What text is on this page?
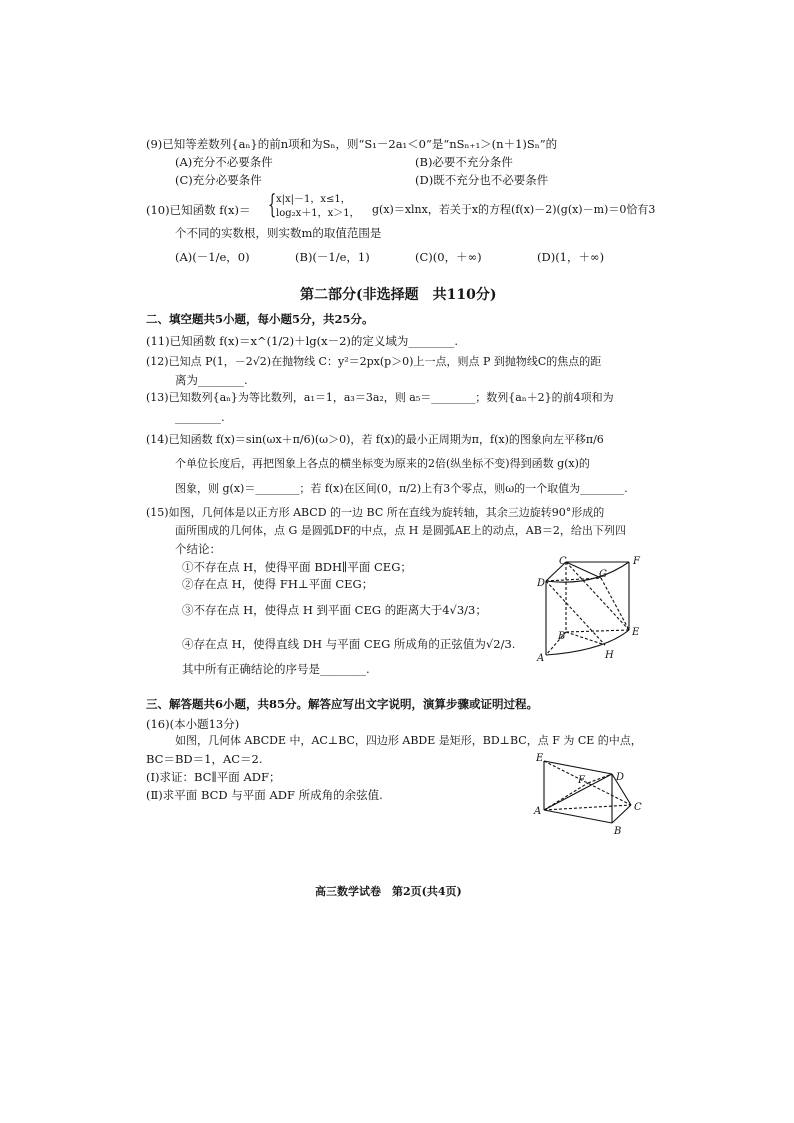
(9)已知等差数列{aₙ}的前n项和为Sₙ，则“S₁－2a₁＜0”是“nSₙ₊₁＞(n＋1)Sₙ”的
(A)充分不必要条件	(B)必要不充分条件
(C)充分必要条件	(D)既不充分也不必要条件
(10)已知函数 f(x)＝ { x|x|－1，x≤1，
log₂x＋1，x＞1， g(x)＝xlnx，若关于x的方程(f(x)－2)(g(x)－m)＝0恰有3
个不同的实数根，则实数m的取值范围是
(A)(－1/e，0)	(B)(－1/e，1)	(C)(0，＋∞)	(D)(1，＋∞)
第二部分(非选择题　共110分)
二、填空题共5小题，每小题5分，共25分。
(11)已知函数 f(x)＝x^(1/2)＋lg(x－2)的定义域为________.
(12)已知点 P(1，－2√2)在抛物线 C：y²＝2px(p＞0)上一点，则点 P 到抛物线C的焦点的距
离为________.
(13)已知数列{aₙ}为等比数列，a₁＝1，a₃＝3a₂，则 a₅＝________；数列{aₙ＋2}的前4项和为
________.
(14)已知函数 f(x)＝sin(ωx＋π/6)(ω＞0)，若 f(x)的最小正周期为π，f(x)的图象向左平移π/6
个单位长度后，再把图象上各点的横坐标变为原来的2倍(纵坐标不变)得到函数 g(x)的
图象，则 g(x)＝________；若 f(x)在区间(0，π/2)上有3个零点，则ω的一个取值为________.
(15)如图，几何体是以正方形 ABCD 的一边 BC 所在直线为旋转轴，其余三边旋转90°形成的
面所围成的几何体，点 G 是圆弧DF的中点，点 H 是圆弧AE上的动点，AB＝2，给出下列四
个结论：
①不存在点 H，使得平面 BDH∥平面 CEG；
②存在点 H，使得 FH⊥平面 CEG；
③不存在点 H，使得点 H 到平面 CEG 的距离大于4√3/3；
④存在点 H，使得直线 DH 与平面 CEG 所成角的正弦值为√2/3.
其中所有正确结论的序号是________.
C	F
G
D
B	E
A	H
三、解答题共6小题，共85分。解答应写出文字说明，演算步骤或证明过程。
(16)(本小题13分)
如图，几何体 ABCDE 中，AC⊥BC，四边形 ABDE 是矩形，BD⊥BC，点 F 为 CE 的中点，
BC＝BD＝1，AC＝2.
(Ⅰ)求证：BC∥平面 ADF；
(Ⅱ)求平面 BCD 与平面 ADF 所成角的余弦值.
E
F	D
A	C
B
高三数学试卷　第2页(共4页)
